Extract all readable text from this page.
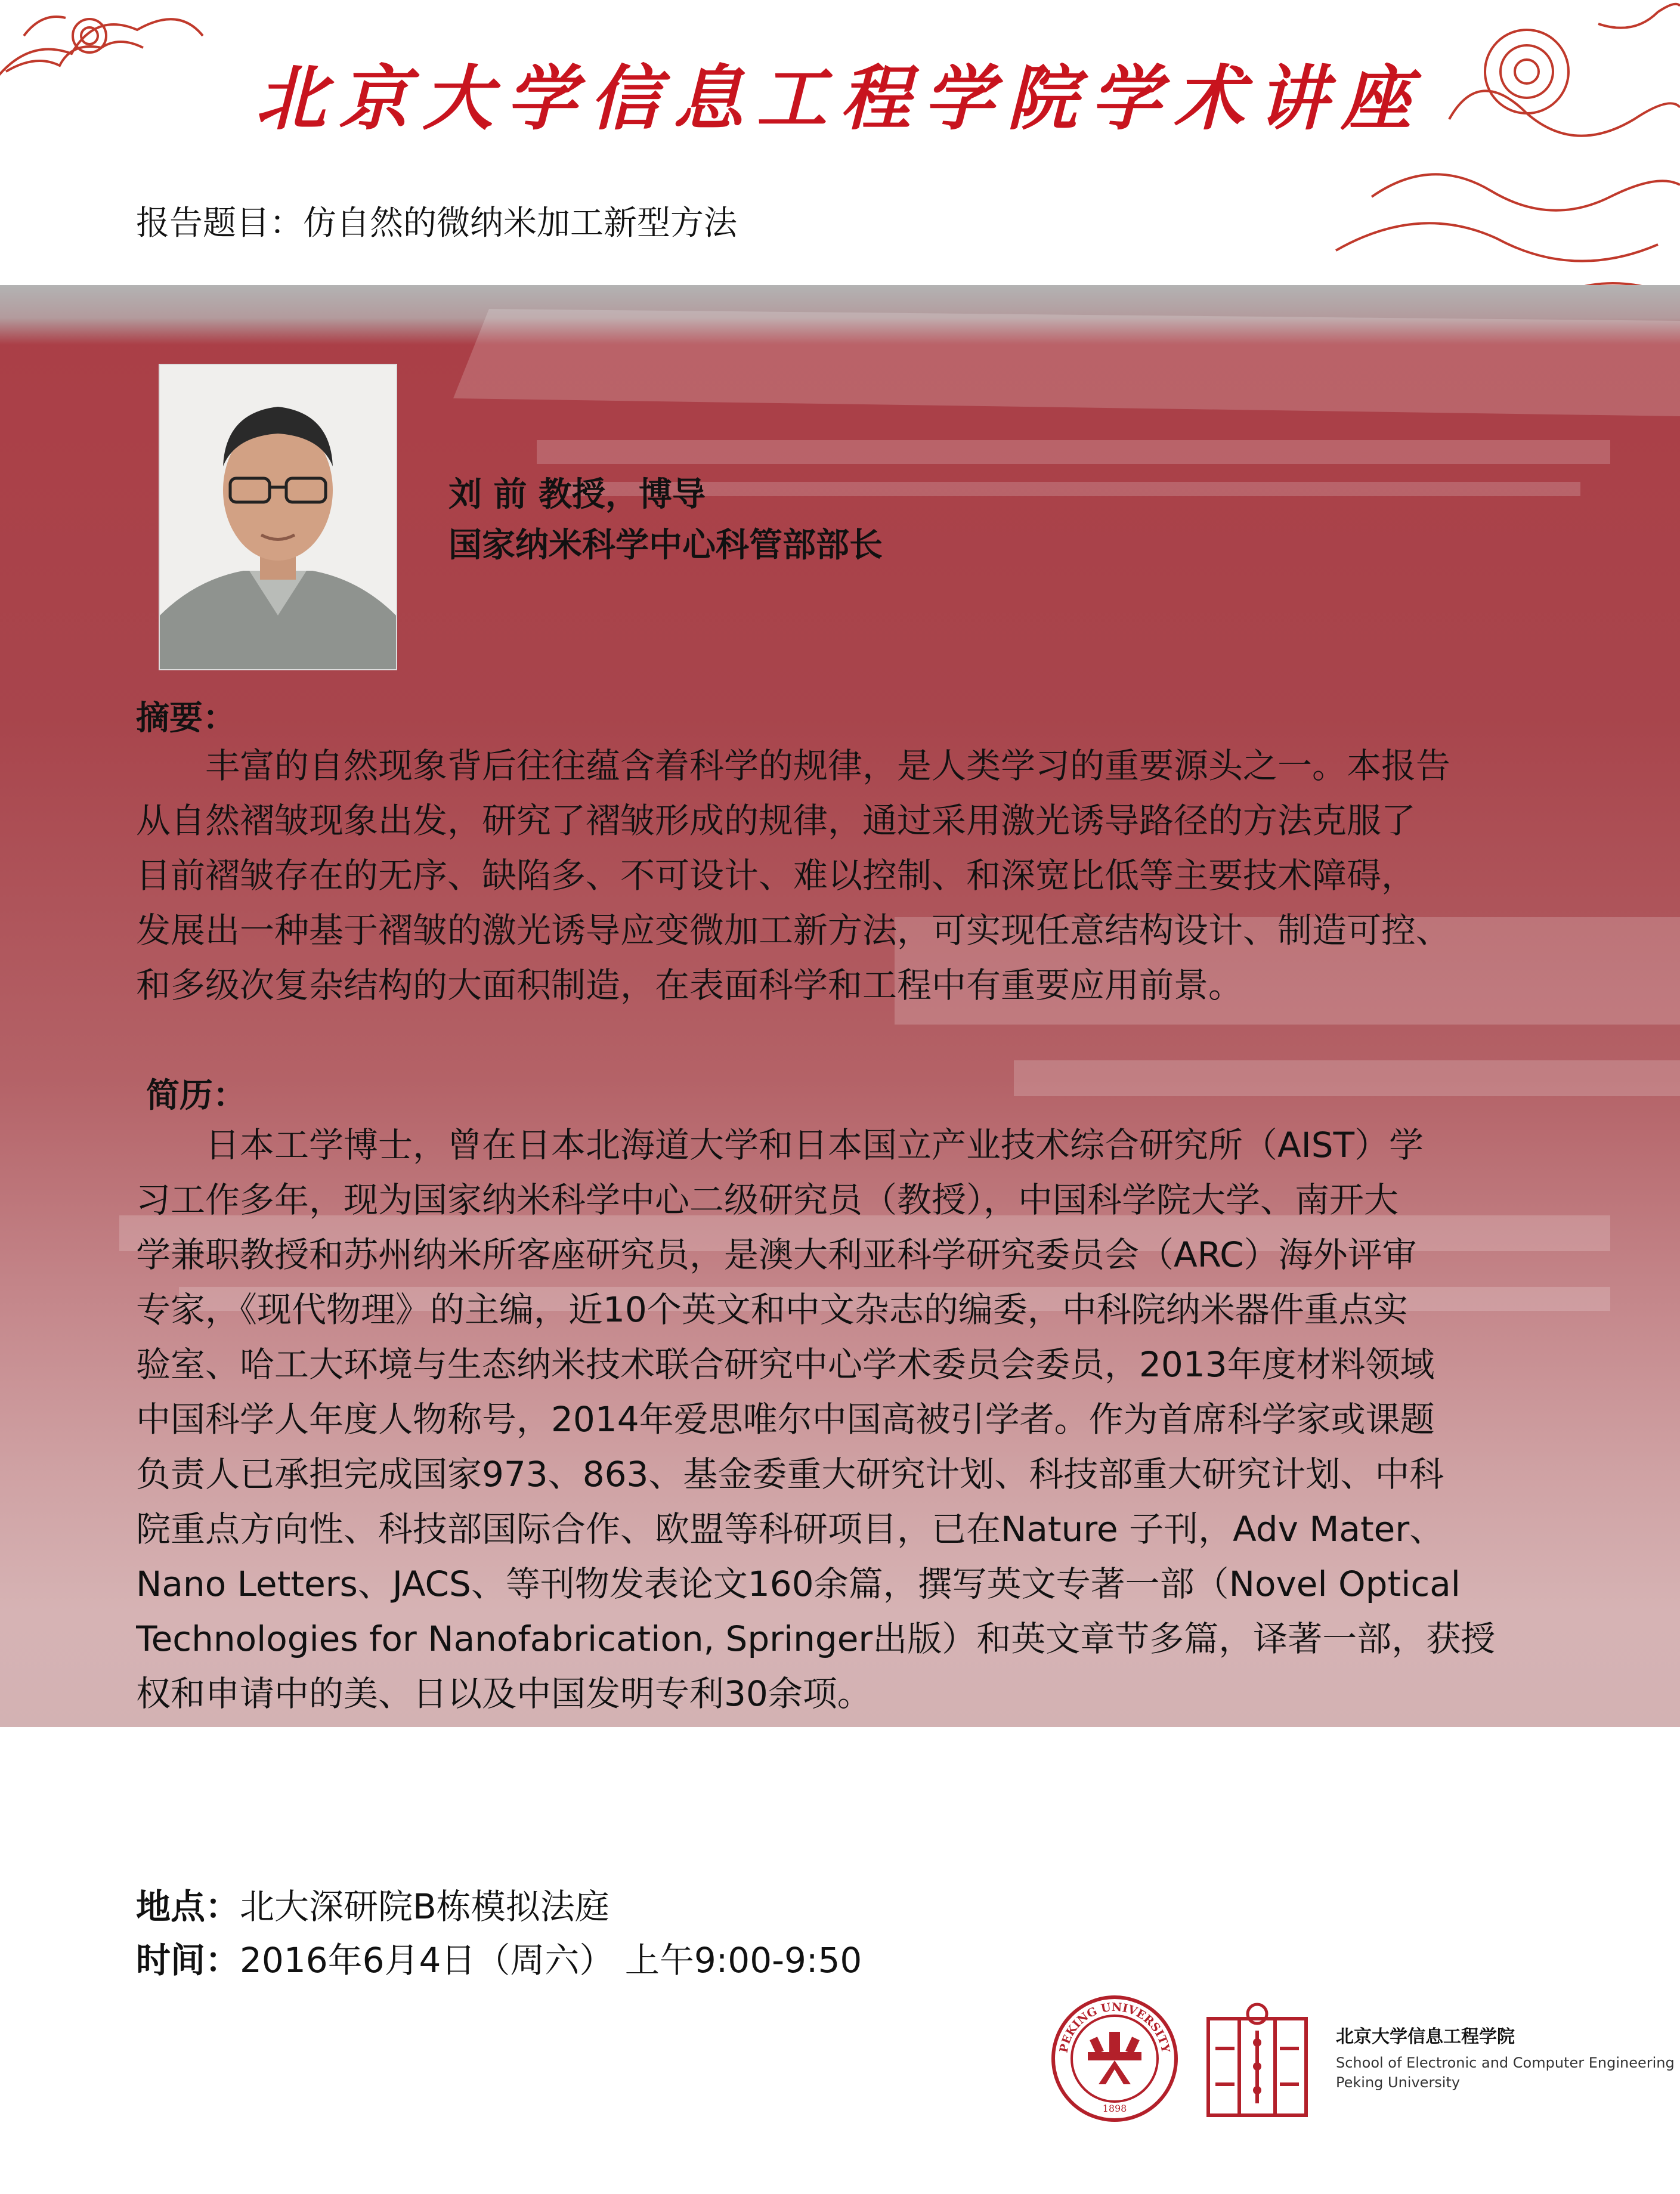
北京大学信息工程学院学术讲座
报告题目：仿自然的微纳米加工新型方法
刘 前 教授，博导
国家纳米科学中心科管部部长
摘要：
　　丰富的自然现象背后往往蕴含着科学的规律，是人类学习的重要源头之一。本报告
从自然褶皱现象出发，研究了褶皱形成的规律，通过采用激光诱导路径的方法克服了
目前褶皱存在的无序、缺陷多、不可设计、难以控制、和深宽比低等主要技术障碍，
发展出一种基于褶皱的激光诱导应变微加工新方法，可实现任意结构设计、制造可控、
和多级次复杂结构的大面积制造，在表面科学和工程中有重要应用前景。
简历：
　　日本工学博士，曾在日本北海道大学和日本国立产业技术综合研究所（AIST）学
习工作多年，现为国家纳米科学中心二级研究员（教授），中国科学院大学、南开大
学兼职教授和苏州纳米所客座研究员，是澳大利亚科学研究委员会（ARC）海外评审
专家，《现代物理》的主编，近10个英文和中文杂志的编委，中科院纳米器件重点实
验室、哈工大环境与生态纳米技术联合研究中心学术委员会委员，2013年度材料领域
中国科学人年度人物称号，2014年爱思唯尔中国高被引学者。作为首席科学家或课题
负责人已承担完成国家973、863、基金委重大研究计划、科技部重大研究计划、中科
院重点方向性、科技部国际合作、欧盟等科研项目，已在Nature 子刊，Adv Mater、
Nano Letters、JACS、等刊物发表论文160余篇，撰写英文专著一部（Novel Optical
Technologies for Nanofabrication, Springer出版）和英文章节多篇，译著一部，获授
权和申请中的美、日以及中国发明专利30余项。
地点：北大深研院B栋模拟法庭
时间：2016年6月4日（周六） 上午9:00-9:50
PEKING UNIVERSITY
1898
北京大学信息工程学院
School of Electronic and Computer Engineering
Peking University
